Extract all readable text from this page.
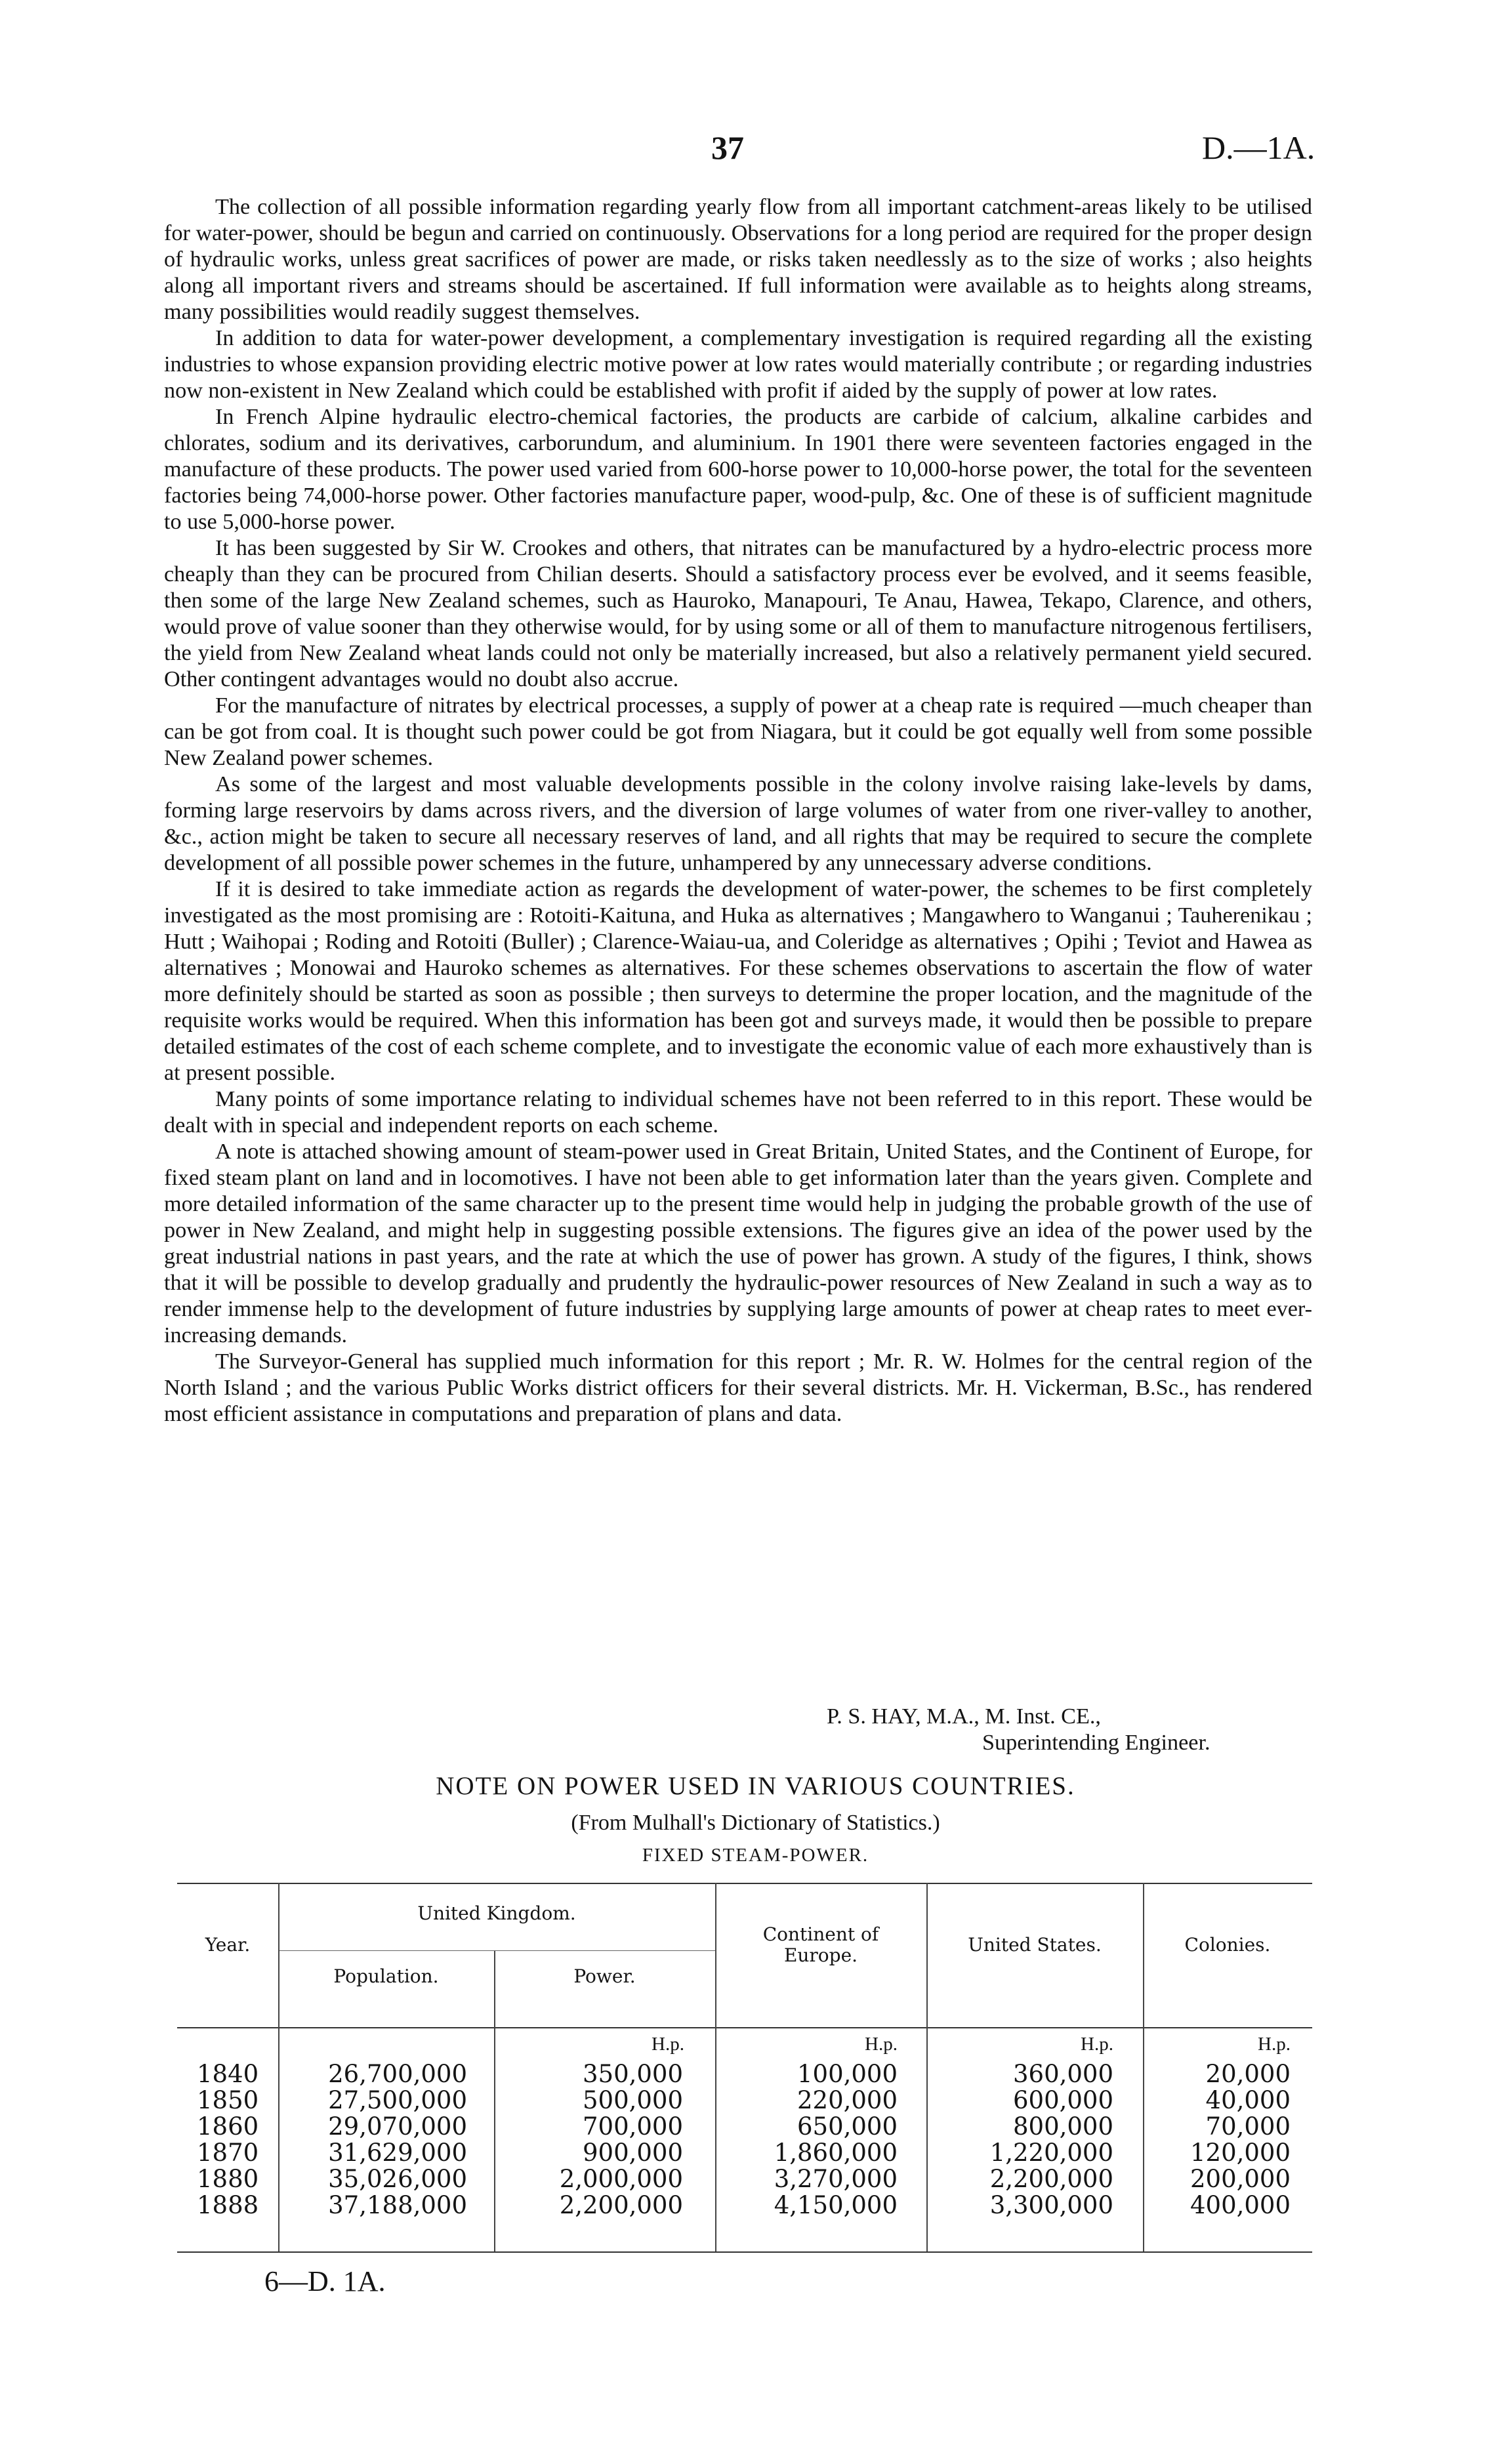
37	D.—1A.

The collection of all possible information regarding yearly flow from all important catchment-areas likely to be utilised for water-power, should be begun and carried on continuously. Observations for a long period are required for the proper design of hydraulic works, unless great sacrifices of power are made, or risks taken needlessly as to the size of works ; also heights along all important rivers and streams should be ascertained. If full information were available as to heights along streams, many possibilities would readily suggest themselves.

In addition to data for water-power development, a complementary investigation is required regarding all the existing industries to whose expansion providing electric motive power at low rates would materially contribute ; or regarding industries now non-existent in New Zealand which could be established with profit if aided by the supply of power at low rates.

In French Alpine hydraulic electro-chemical factories, the products are carbide of calcium, alkaline carbides and chlorates, sodium and its derivatives, carborundum, and aluminium. In 1901 there were seventeen factories engaged in the manufacture of these products. The power used varied from 600-horse power to 10,000-horse power, the total for the seventeen factories being 74,000-horse power. Other factories manufacture paper, wood-pulp, &c. One of these is of sufficient magnitude to use 5,000-horse power.

It has been suggested by Sir W. Crookes and others, that nitrates can be manufactured by a hydro-electric process more cheaply than they can be procured from Chilian deserts. Should a satisfactory process ever be evolved, and it seems feasible, then some of the large New Zealand schemes, such as Hauroko, Manapouri, Te Anau, Hawea, Tekapo, Clarence, and others, would prove of value sooner than they otherwise would, for by using some or all of them to manufacture nitrogenous fertilisers, the yield from New Zealand wheat lands could not only be materially increased, but also a relatively permanent yield secured. Other contingent advantages would no doubt also accrue.

For the manufacture of nitrates by electrical processes, a supply of power at a cheap rate is required —much cheaper than can be got from coal. It is thought such power could be got from Niagara, but it could be got equally well from some possible New Zealand power schemes.

As some of the largest and most valuable developments possible in the colony involve raising lake-levels by dams, forming large reservoirs by dams across rivers, and the diversion of large volumes of water from one river-valley to another, &c., action might be taken to secure all necessary reserves of land, and all rights that may be required to secure the complete development of all possible power schemes in the future, unhampered by any unnecessary adverse conditions.

If it is desired to take immediate action as regards the development of water-power, the schemes to be first completely investigated as the most promising are : Rotoiti-Kaituna, and Huka as alternatives ; Mangawhero to Wanganui ; Tauherenikau ; Hutt ; Waihopai ; Roding and Rotoiti (Buller) ; Clarence-Waiau-ua, and Coleridge as alternatives ; Opihi ; Teviot and Hawea as alternatives ; Monowai and Hauroko schemes as alternatives. For these schemes observations to ascertain the flow of water more definitely should be started as soon as possible ; then surveys to determine the proper location, and the magnitude of the requisite works would be required. When this information has been got and surveys made, it would then be possible to prepare detailed estimates of the cost of each scheme complete, and to investigate the economic value of each more exhaustively than is at present possible.

Many points of some importance relating to individual schemes have not been referred to in this report. These would be dealt with in special and independent reports on each scheme.

A note is attached showing amount of steam-power used in Great Britain, United States, and the Continent of Europe, for fixed steam plant on land and in locomotives. I have not been able to get information later than the years given. Complete and more detailed information of the same character up to the present time would help in judging the probable growth of the use of power in New Zealand, and might help in suggesting possible extensions. The figures give an idea of the power used by the great industrial nations in past years, and the rate at which the use of power has grown. A study of the figures, I think, shows that it will be possible to develop gradually and prudently the hydraulic-power resources of New Zealand in such a way as to render immense help to the development of future industries by supplying large amounts of power at cheap rates to meet ever-increasing demands.

The Surveyor-General has supplied much information for this report ; Mr. R. W. Holmes for the central region of the North Island ; and the various Public Works district officers for their several districts. Mr. H. Vickerman, B.Sc., has rendered most efficient assistance in computations and preparation of plans and data.

P. S. HAY, M.A., M. Inst. CE.,
Superintending Engineer.
NOTE ON POWER USED IN VARIOUS COUNTRIES.
(From Mulhall's Dictionary of Statistics.)
FIXED STEAM-POWER.
Year.
United Kingdom.
Population.	Power.
Continent of
Europe.	United States.	Colonies.
H.p.	H.p.	H.p.	H.p.
1840	26,700,000	350,000	100,000	360,000	20,000
1850	27,500,000	500,000	220,000	600,000	40,000
1860	29,070,000	700,000	650,000	800,000	70,000
1870	31,629,000	900,000	1,860,000	1,220,000	120,000
1880	35,026,000	2,000,000	3,270,000	2,200,000	200,000
1888	37,188,000	2,200,000	4,150,000	3,300,000	400,000
6—D. 1A.
